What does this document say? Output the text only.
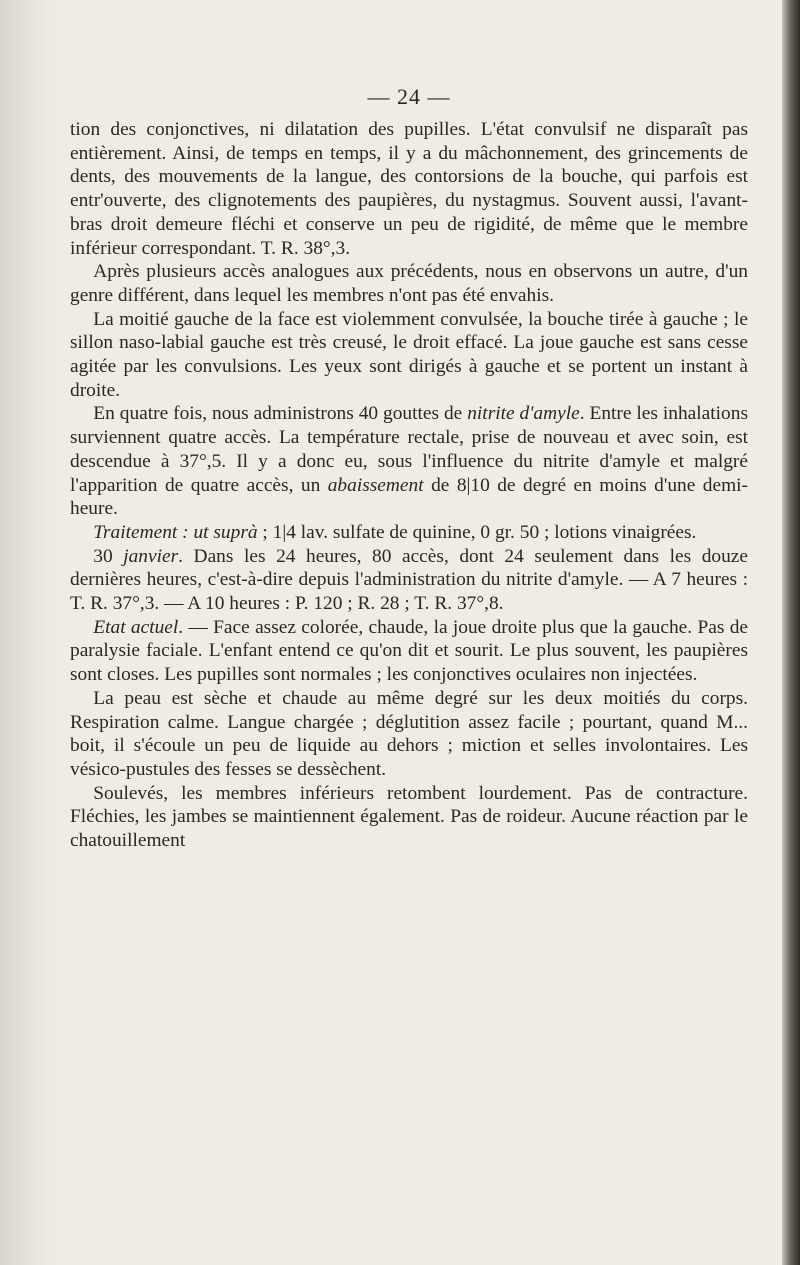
— 24 —

tion des conjonctives, ni dilatation des pupilles. L'état convulsif ne disparaît pas entièrement. Ainsi, de temps en temps, il y a du mâchonnement, des grincements de dents, des mouvements de la langue, des contorsions de la bouche, qui parfois est entr'ouverte, des clignotements des paupières, du nystagmus. Souvent aussi, l'avant-bras droit demeure fléchi et conserve un peu de rigidité, de même que le membre inférieur correspondant. T. R. 38°,3.

Après plusieurs accès analogues aux précédents, nous en observons un autre, d'un genre différent, dans lequel les membres n'ont pas été envahis.

La moitié gauche de la face est violemment convulsée, la bouche tirée à gauche ; le sillon naso-labial gauche est très creusé, le droit effacé. La joue gauche est sans cesse agitée par les convulsions. Les yeux sont dirigés à gauche et se portent un instant à droite.

En quatre fois, nous administrons 40 gouttes de nitrite d'amyle. Entre les inhalations surviennent quatre accès. La température rectale, prise de nouveau et avec soin, est descendue à 37°,5. Il y a donc eu, sous l'influence du nitrite d'amyle et malgré l'apparition de quatre accès, un abaissement de 8|10 de degré en moins d'une demi-heure.

Traitement : ut suprà ; 1|4 lav. sulfate de quinine, 0 gr. 50 ; lotions vinaigrées.

30 janvier. Dans les 24 heures, 80 accès, dont 24 seulement dans les douze dernières heures, c'est-à-dire depuis l'administration du nitrite d'amyle. — A 7 heures : T. R. 37°,3. — A 10 heures : P. 120 ; R. 28 ; T. R. 37°,8.

Etat actuel. — Face assez colorée, chaude, la joue droite plus que la gauche. Pas de paralysie faciale. L'enfant entend ce qu'on dit et sourit. Le plus souvent, les paupières sont closes. Les pupilles sont normales ; les conjonctives oculaires non injectées.

La peau est sèche et chaude au même degré sur les deux moitiés du corps. Respiration calme. Langue chargée ; déglutition assez facile ; pourtant, quand M... boit, il s'écoule un peu de liquide au dehors ; miction et selles involontaires. Les vésico-pustules des fesses se dessèchent.

Soulevés, les membres inférieurs retombent lourdement. Pas de contracture. Fléchies, les jambes se maintiennent également. Pas de roideur. Aucune réaction par le chatouillement
